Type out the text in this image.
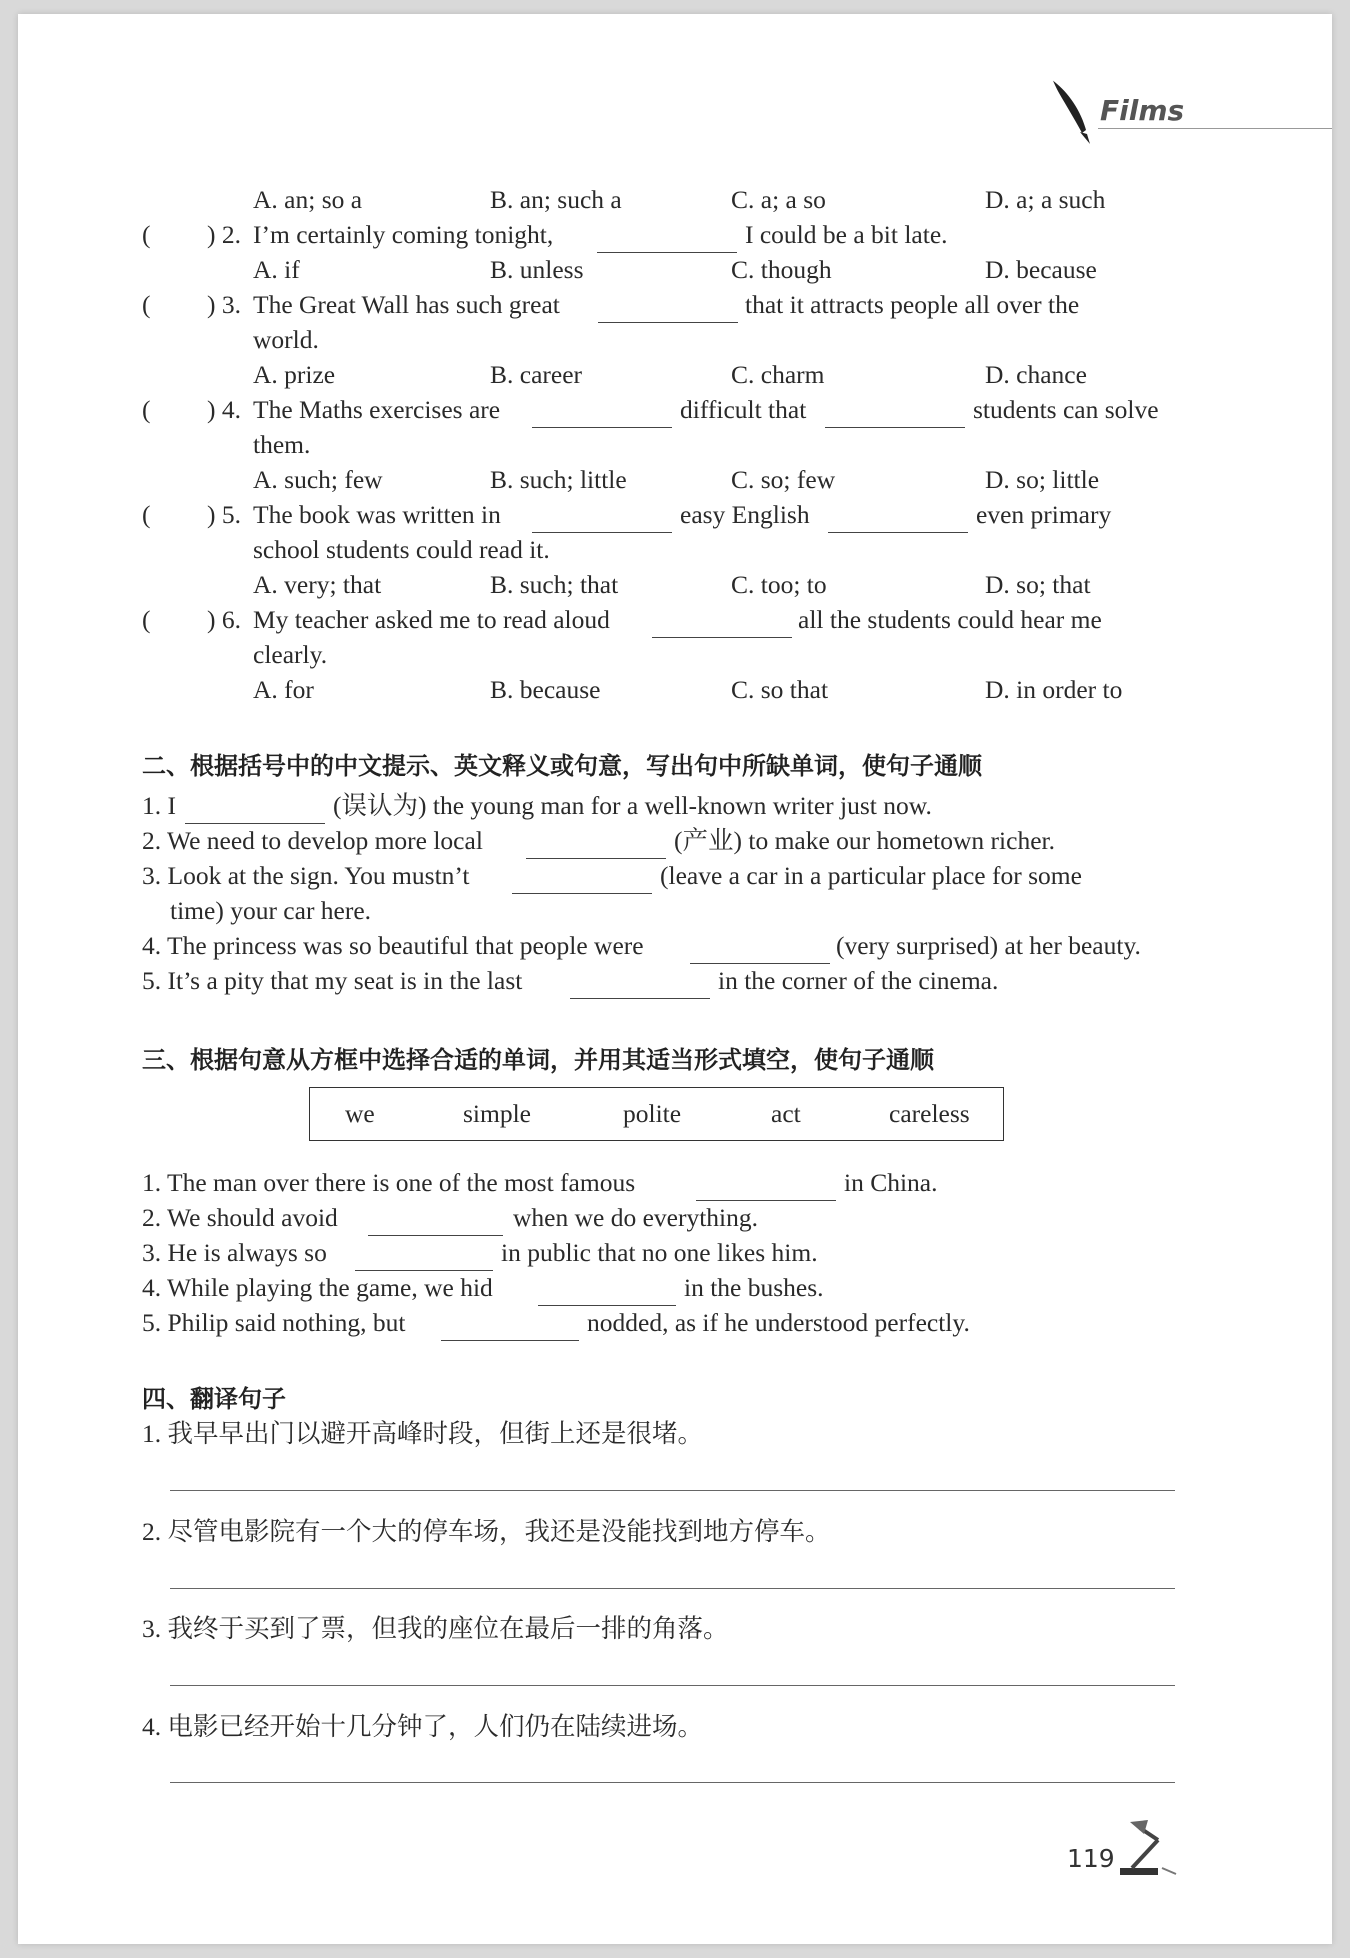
Films
A. an; so a	B. an; such a	C. a; a so	D. a; a such
( ) 2. I’m certainly coming tonight,	I could be a bit late.
A. if	B. unless	C. though	D. because
( ) 3. The Great Wall has such great	that it attracts people all over the
world.
A. prize	B. career	C. charm	D. chance
( ) 4. The Maths exercises are	difficult that	students can solve
them.
A. such; few	B. such; little	C. so; few	D. so; little
( ) 5. The book was written in	easy English	even primary
school students could read it.
A. very; that	B. such; that	C. too; to	D. so; that
( ) 6. My teacher asked me to read aloud	all the students could hear me
clearly.
A. for	B. because	C. so that	D. in order to
二、根据括号中的中文提示、英文释义或句意，写出句中所缺单词，使句子通顺
1. I	(误认为) the young man for a well-known writer just now.
2. We need to develop more local	(产业) to make our hometown richer.
3. Look at the sign. You mustn’t	(leave a car in a particular place for some
time) your car here.
4. The princess was so beautiful that people were	(very surprised) at her beauty.
5. It’s a pity that my seat is in the last	in the corner of the cinema.
三、根据句意从方框中选择合适的单词，并用其适当形式填空，使句子通顺
we	simple	polite	act	careless
1. The man over there is one of the most famous	in China.
2. We should avoid	when we do everything.
3. He is always so	in public that no one likes him.
4. While playing the game, we hid	in the bushes.
5. Philip said nothing, but	nodded, as if he understood perfectly.
四、翻译句子
1. 我早早出门以避开高峰时段，但街上还是很堵。
2. 尽管电影院有一个大的停车场，我还是没能找到地方停车。
3. 我终于买到了票，但我的座位在最后一排的角落。
4. 电影已经开始十几分钟了，人们仍在陆续进场。
119
